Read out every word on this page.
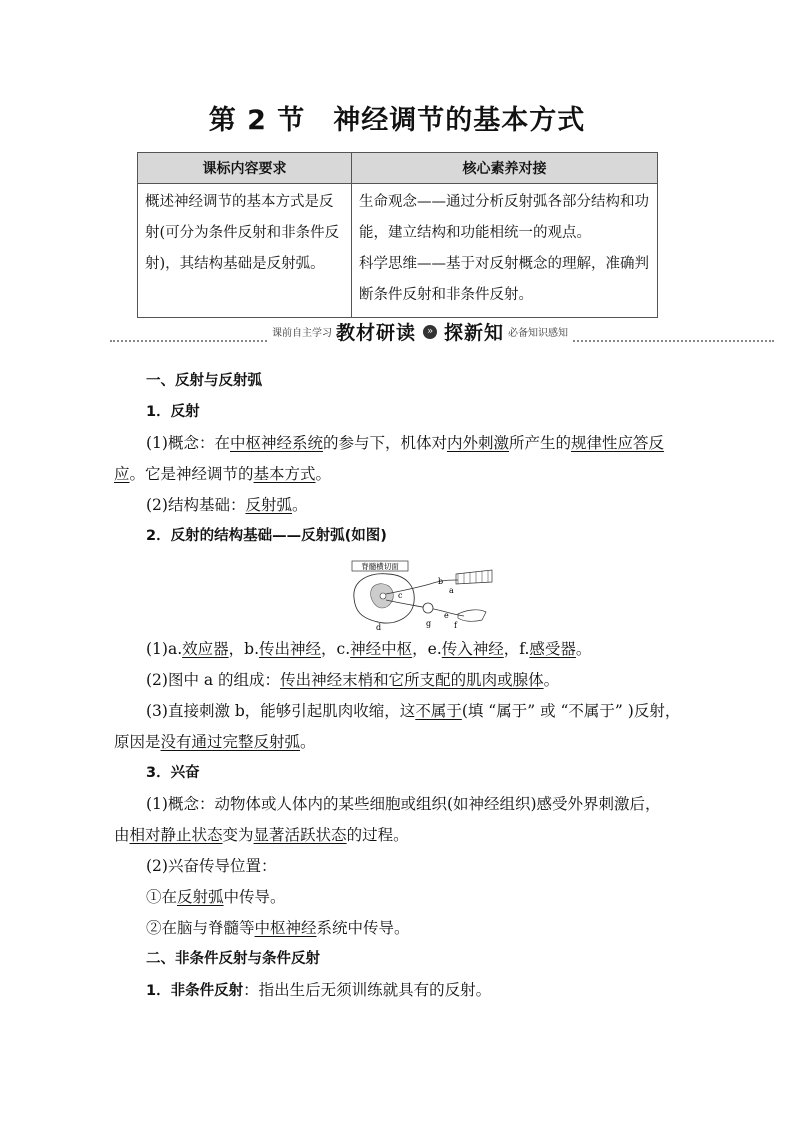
第 2 节 神经调节的基本方式
课标内容要求	核心素养对接
概述神经调节的基本方式是反射(可分为条件反射和非条件反射)，其结构基础是反射弧。	生命观念——通过分析反射弧各部分结构和功能，建立结构和功能相统一的观点。
科学思维——基于对反射概念的理解，准确判断条件反射和非条件反射。
课前自主学习 教材研读	» 探新知 必备知识感知

一、反射与反射弧

1．反射

(1)概念：在中枢神经系统的参与下，机体对内外刺激所产生的规律性应答反

应。它是神经调节的基本方式。

(2)结构基础：反射弧。

2．反射的结构基础——反射弧(如图)

脊髓横切面
a
b
c
d
e
f
g

(1)a.效应器，b.传出神经，c.神经中枢，e.传入神经，f.感受器。

(2)图中 a 的组成：传出神经末梢和它所支配的肌肉或腺体。

(3)直接刺激 b，能够引起肌肉收缩，这不属于(填 “属于” 或 “不属于” )反射，

原因是没有通过完整反射弧。

3．兴奋

(1)概念：动物体或人体内的某些细胞或组织(如神经组织)感受外界刺激后，

由相对静止状态变为显著活跃状态的过程。

(2)兴奋传导位置：

①在反射弧中传导。

②在脑与脊髓等中枢神经系统中传导。

二、非条件反射与条件反射

1．非条件反射：指出生后无须训练就具有的反射。
